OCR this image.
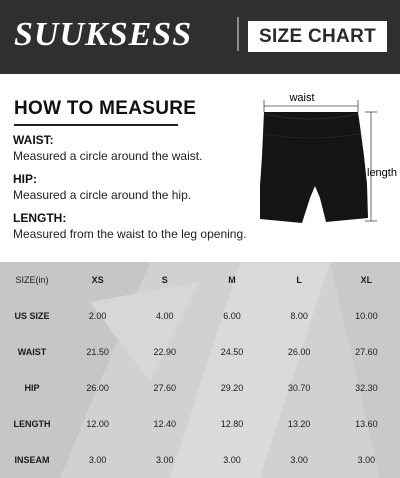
SUUKSESS	SIZE CHART
HOW TO MEASURE
WAIST:
Measured a circle around the waist.
HIP:
Measured a circle around the hip.
LENGTH:
Measured from the waist to the leg opening.
waist
length
SIZE(in)	XS	S	M	L	XL
US SIZE	2.00	4.00	6.00	8.00	10.00
WAIST	21.50	22.90	24.50	26.00	27.60
HIP	26.00	27.60	29.20	30.70	32.30
LENGTH	12.00	12.40	12.80	13.20	13.60
INSEAM	3.00	3.00	3.00	3.00	3.00
